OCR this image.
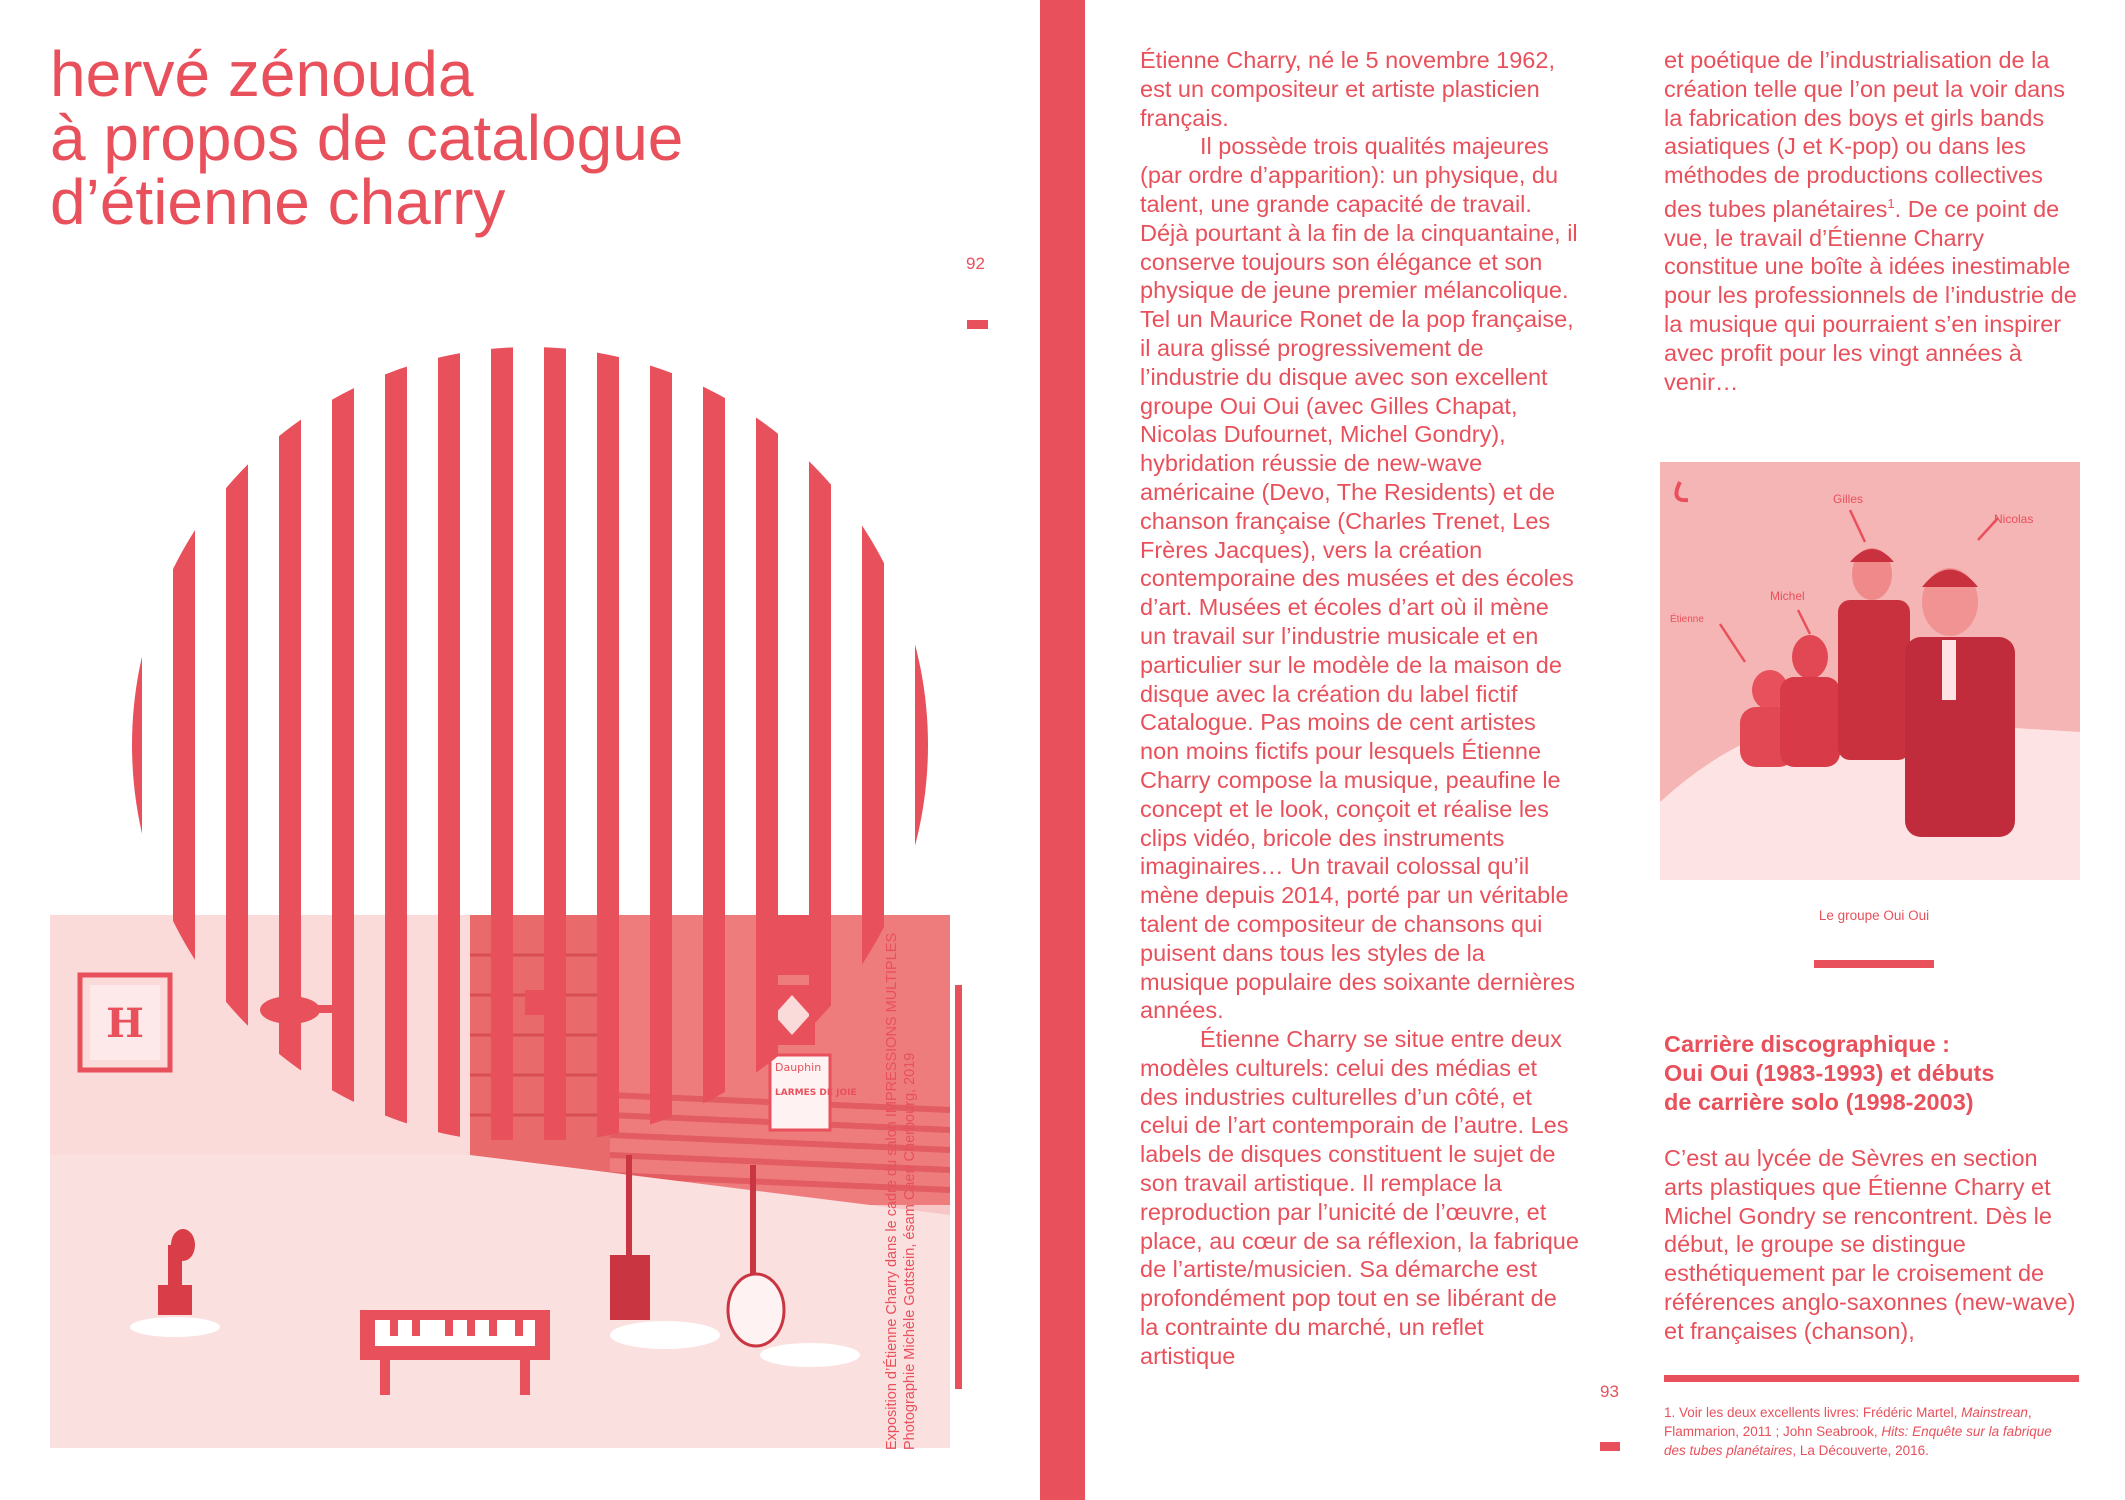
hervé zénouda
à propos de catalogue
d’étienne charry
92
H
Dauphin
LARMES DE JOIE Exposition d’Étienne Charry dans le cadre du salon IMPRESSIONS MULTIPLES Photographie Michèle Gottstein, ésam Caen Cherbourg, 2019

Étienne Charry, né le 5 novembre 1962, est un compositeur et artiste plasticien français.

Il possède trois qualités majeures (par ordre d’apparition): un physique, du talent, une grande capacité de travail. Déjà pourtant à la fin de la cinquantaine, il conserve toujours son élégance et son physique de jeune premier mélancolique. Tel un Maurice Ronet de la pop française, il aura glissé progressivement de l’industrie du disque avec son excellent groupe Oui Oui (avec Gilles Chapat, Nicolas Dufournet, Michel Gondry), hybridation réussie de new-wave américaine (Devo, The Residents) et de chanson française (Charles Trenet, Les Frères Jacques), vers la création contemporaine des musées et des écoles d’art. Musées et écoles d’art où il mène un travail sur l’industrie musicale et en particulier sur le modèle de la maison de disque avec la création du label fictif Catalogue. Pas moins de cent artistes non moins fictifs pour lesquels Étienne Charry compose la musique, peaufine le concept et le look, conçoit et réalise les clips vidéo, bricole des instruments imaginaires… Un travail colossal qu’il mène depuis 2014, porté par un véritable talent de compositeur de chansons qui puisent dans tous les styles de la musique populaire des soixante dernières années.

Étienne Charry se situe entre deux modèles culturels: celui des médias et des industries culturelles d’un côté, et celui de l’art contemporain de l’autre. Les labels de disques constituent le sujet de son travail artistique. Il remplace la reproduction par l’unicité de l’œuvre, et place, au cœur de sa réflexion, la fabrique de l’artiste/musicien. Sa démarche est profondément pop tout en se libérant de la contrainte du marché, un reflet artistique

et poétique de l’industrialisation de la création telle que l’on peut la voir dans la fabrication des boys et girls bands asiatiques (J et K-pop) ou dans les méthodes de productions collectives des tubes planétaires$^1$. De ce point de vue, le travail d’Étienne Charry constitue une boîte à idées inestimable pour les professionnels de l’industrie de la musique qui pourraient s’en inspirer avec profit pour les vingt années à venir…

Gilles
Nicolas
Michel
Étienne
Le groupe Oui Oui
Carrière discographique :
Oui Oui (1983-1993) et débuts
de carrière solo (1998-2003)

C’est au lycée de Sèvres en section arts plastiques que Étienne Charry et Michel Gondry se rencontrent. Dès le début, le groupe se distingue esthétiquement par le croisement de références anglo-saxonnes (new-wave) et françaises (chanson),

1. Voir les deux excellents livres: Frédéric Martel, Mainstrean, Flammarion, 2011 ; John Seabrook, Hits: Enquête sur la fabrique des tubes planétaires, La Découverte, 2016.
93
